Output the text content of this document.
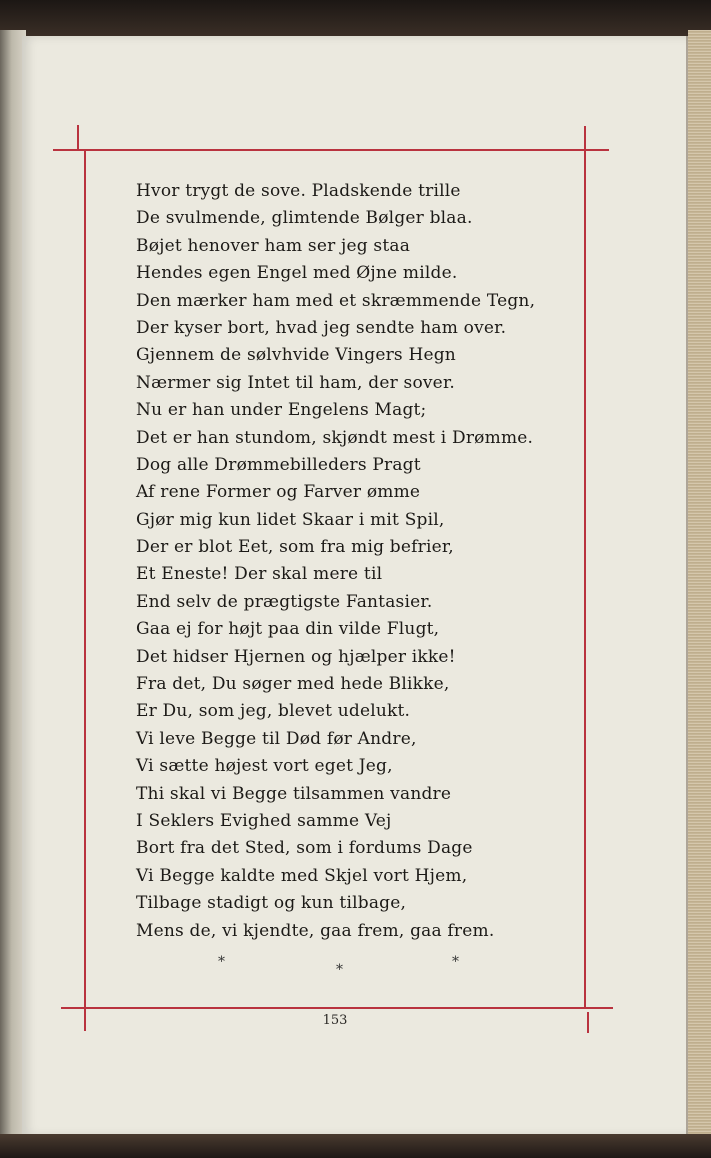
Hvor trygt de sove. Pladskende trille
De svulmende, glimtende Bølger blaa.
Bøjet henover ham ser jeg staa
Hendes egen Engel med Øjne milde.
Den mærker ham med et skræmmende Tegn,
Der kyser bort, hvad jeg sendte ham over.
Gjennem de sølvhvide Vingers Hegn
Nærmer sig Intet til ham, der sover.
Nu er han under Engelens Magt;
Det er han stundom, skjøndt mest i Drømme.
Dog alle Drømmebilleders Pragt
Af rene Former og Farver ømme
Gjør mig kun lidet Skaar i mit Spil,
Der er blot Eet, som fra mig befrier,
Et Eneste! Der skal mere til
End selv de prægtigste Fantasier.
Gaa ej for højt paa din vilde Flugt,
Det hidser Hjernen og hjælper ikke!
Fra det, Du søger med hede Blikke,
Er Du, som jeg, blevet udelukt.
Vi leve Begge til Død før Andre,
Vi sætte højest vort eget Jeg,
Thi skal vi Begge tilsammen vandre
I Seklers Evighed samme Vej
Bort fra det Sted, som i fordums Dage
Vi Begge kaldte med Skjel vort Hjem,
Tilbage stadigt og kun tilbage,
Mens de, vi kjendte, gaa frem, gaa frem.
*	*	*
153
